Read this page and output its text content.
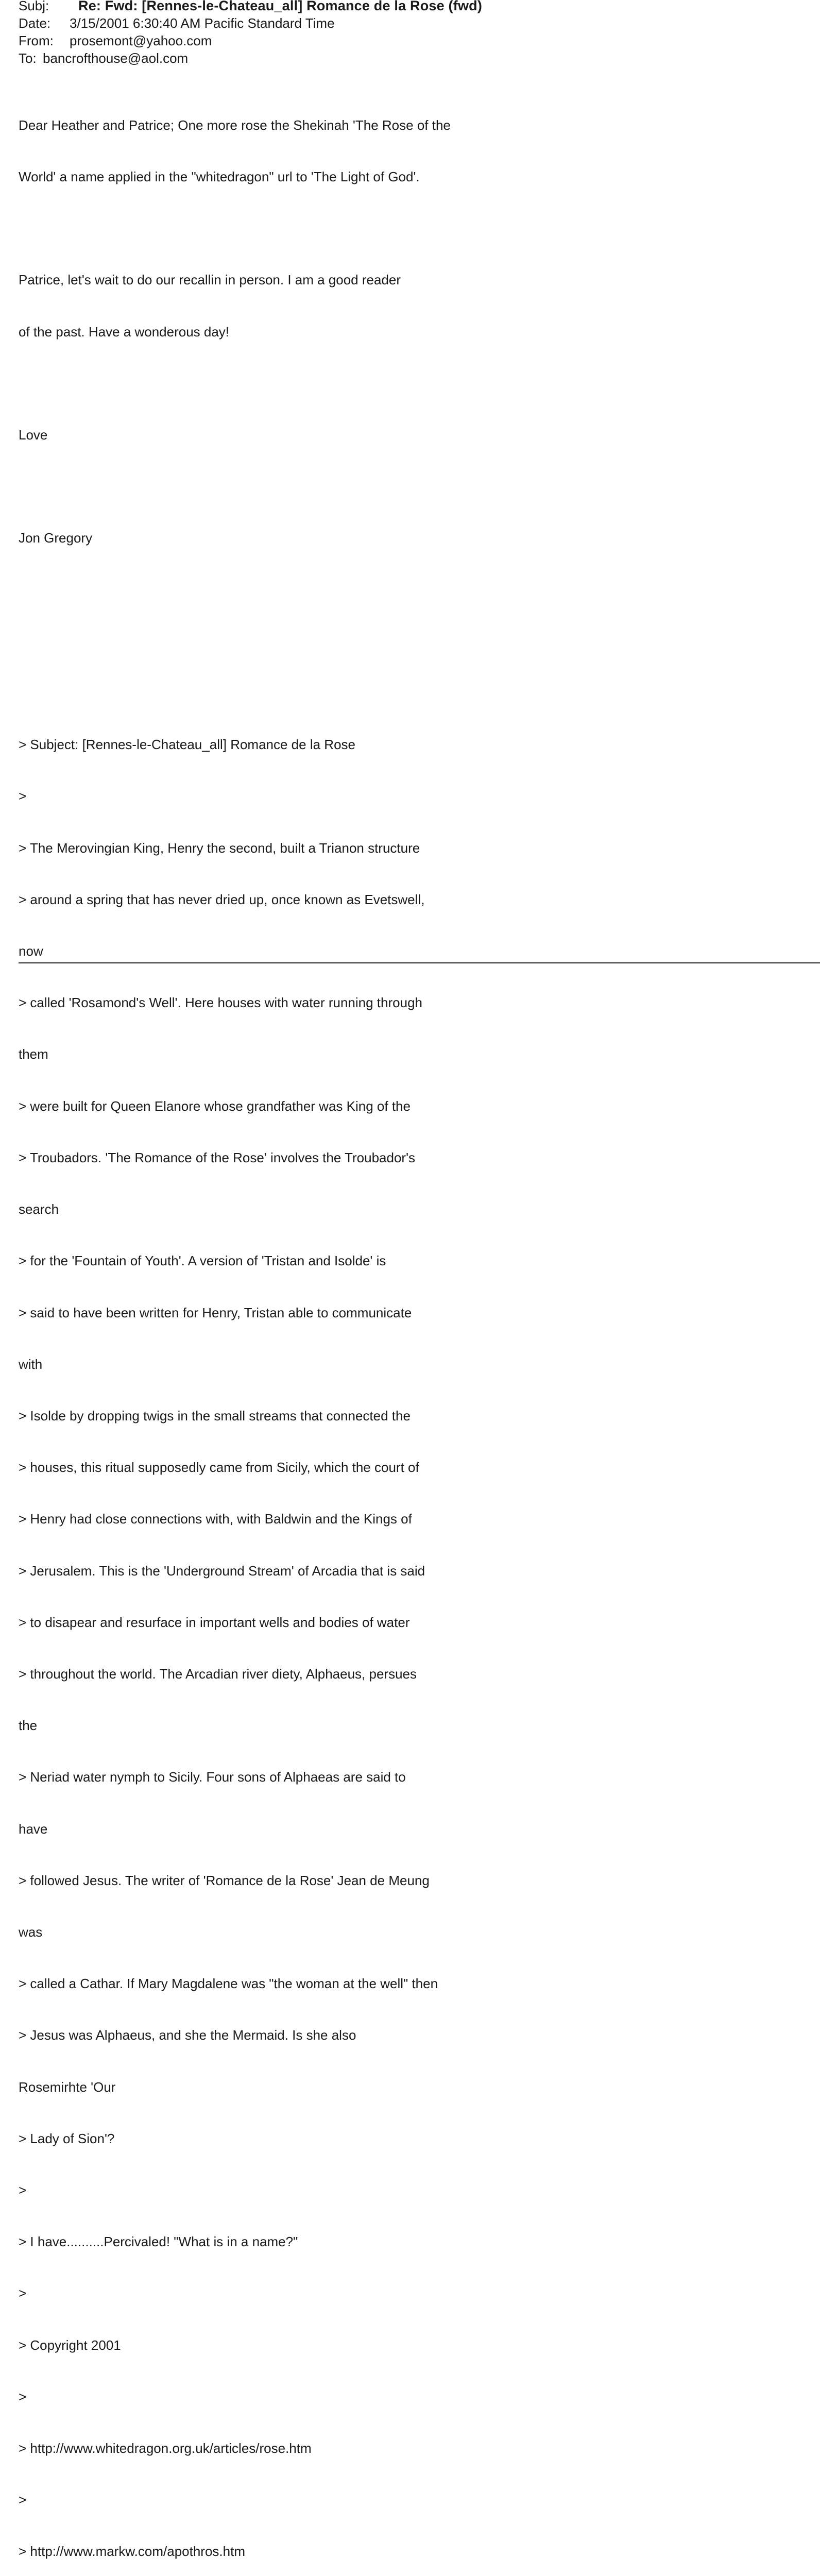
Subj: Re: Fwd: [Rennes-le-Chateau_all] Romance de la Rose (fwd)
Date: 3/15/2001 6:30:40 AM Pacific Standard Time
From: prosemont@yahoo.com
To: bancrofthouse@aol.com

Dear Heather and Patrice; One more rose the Shekinah 'The Rose of the

World' a name applied in the "whitedragon" url to 'The Light of God'.

Patrice, let's wait to do our recallin in person. I am a good reader

of the past. Have a wonderous day!

Love

Jon Gregory

> Subject: [Rennes-le-Chateau_all] Romance de la Rose

>

> The Merovingian King, Henry the second, built a Trianon structure

> around a spring that has never dried up, once known as Evetswell,

now

> called 'Rosamond's Well'. Here houses with water running through

them

> were built for Queen Elanore whose grandfather was King of the

> Troubadors. 'The Romance of the Rose' involves the Troubador's

search

> for the 'Fountain of Youth'. A version of 'Tristan and Isolde' is

> said to have been written for Henry, Tristan able to communicate

with

> Isolde by dropping twigs in the small streams that connected the

> houses, this ritual supposedly came from Sicily, which the court of

> Henry had close connections with, with Baldwin and the Kings of

> Jerusalem. This is the 'Underground Stream' of Arcadia that is said

> to disapear and resurface in important wells and bodies of water

> throughout the world. The Arcadian river diety, Alphaeus, persues

the

> Neriad water nymph to Sicily. Four sons of Alphaeas are said to

have

> followed Jesus. The writer of 'Romance de la Rose' Jean de Meung

was

> called a Cathar. If Mary Magdalene was "the woman at the well" then

> Jesus was Alphaeus, and she the Mermaid. Is she also

Rosemirhte 'Our

> Lady of Sion'?

>

> I have..........Percivaled! "What is in a name?"

>

> Copyright 2001

>

> http://www.whitedragon.org.uk/articles/rose.htm

>

> http://www.markw.com/apothros.htm
